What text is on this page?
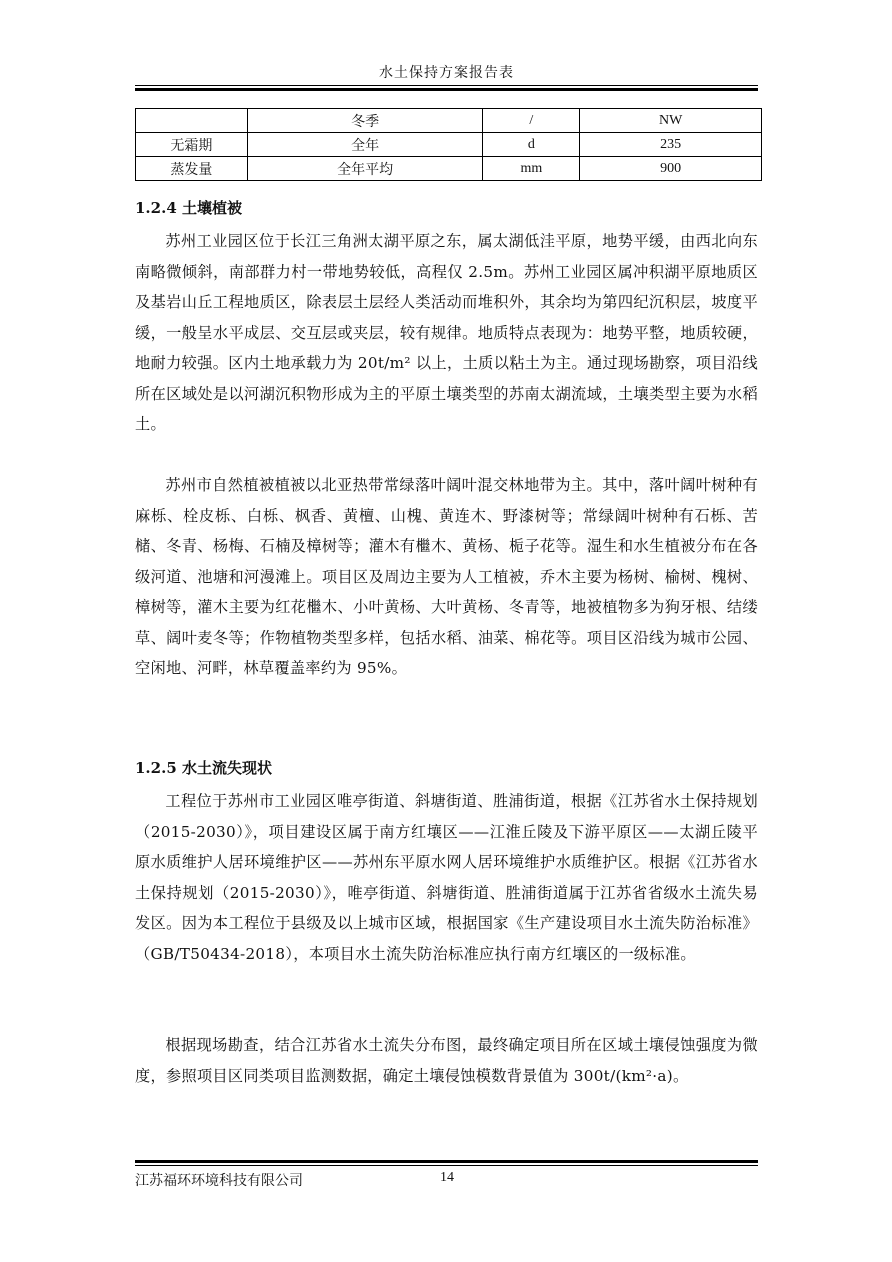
水土保持方案报告表
	冬季	/	NW
无霜期	全年	d	235
蒸发量	全年平均	mm	900
1.2.4 土壤植被

苏州工业园区位于长江三角洲太湖平原之东，属太湖低洼平原，地势平缓，由西北向东南略微倾斜，南部群力村一带地势较低，高程仅 2.5m。苏州工业园区属冲积湖平原地质区及基岩山丘工程地质区，除表层土层经人类活动而堆积外，其余均为第四纪沉积层，坡度平缓，一般呈水平成层、交互层或夹层，较有规律。地质特点表现为：地势平整，地质较硬，地耐力较强。区内土地承载力为 20t/m² 以上，土质以粘土为主。通过现场勘察，项目沿线所在区域处是以河湖沉积物形成为主的平原土壤类型的苏南太湖流域，土壤类型主要为水稻土。

苏州市自然植被植被以北亚热带常绿落叶阔叶混交林地带为主。其中，落叶阔叶树种有麻栎、栓皮栎、白栎、枫香、黄檀、山槐、黄连木、野漆树等；常绿阔叶树种有石栎、苦槠、冬青、杨梅、石楠及樟树等；灌木有檵木、黄杨、栀子花等。湿生和水生植被分布在各级河道、池塘和河漫滩上。项目区及周边主要为人工植被，乔木主要为杨树、榆树、槐树、樟树等，灌木主要为红花檵木、小叶黄杨、大叶黄杨、冬青等，地被植物多为狗牙根、结缕草、阔叶麦冬等；作物植物类型多样，包括水稻、油菜、棉花等。项目区沿线为城市公园、空闲地、河畔，林草覆盖率约为 95%。

1.2.5 水土流失现状

工程位于苏州市工业园区唯亭街道、斜塘街道、胜浦街道，根据《江苏省水土保持规划（2015-2030）》，项目建设区属于南方红壤区——江淮丘陵及下游平原区——太湖丘陵平原水质维护人居环境维护区——苏州东平原水网人居环境维护水质维护区。根据《江苏省水土保持规划（2015-2030）》，唯亭街道、斜塘街道、胜浦街道属于江苏省省级水土流失易发区。因为本工程位于县级及以上城市区域，根据国家《生产建设项目水土流失防治标准》（GB/T50434-2018），本项目水土流失防治标准应执行南方红壤区的一级标准。

根据现场勘查，结合江苏省水土流失分布图，最终确定项目所在区域土壤侵蚀强度为微度，参照项目区同类项目监测数据，确定土壤侵蚀模数背景值为 300t/(km²·a)。

江苏福环环境科技有限公司	14
